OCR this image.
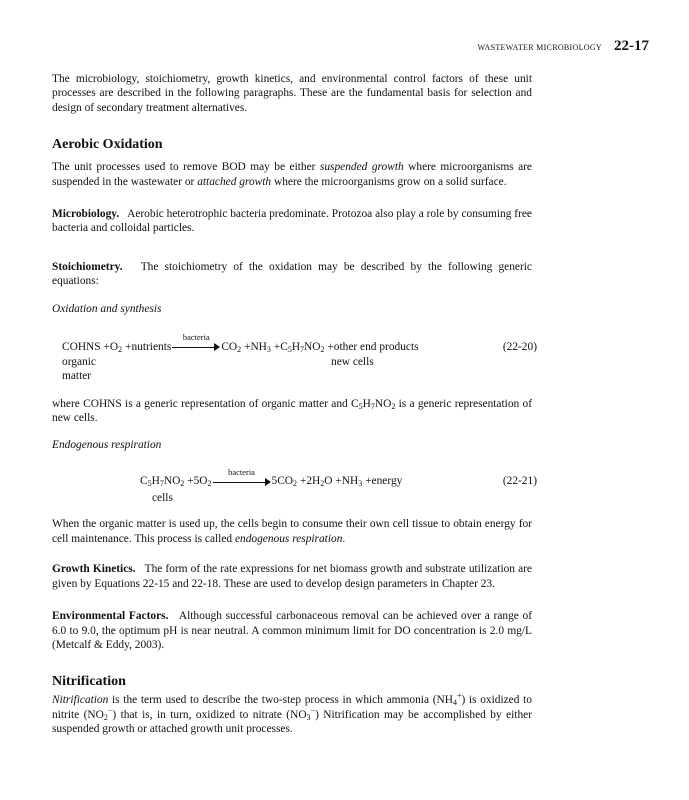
WASTEWATER MICROBIOLOGY 22-17

The microbiology, stoichiometry, growth kinetics, and environmental control factors of these unit processes are described in the following paragraphs. These are the fundamental basis for selection and design of secondary treatment alternatives.

Aerobic Oxidation

The unit processes used to remove BOD may be either suspended growth where microorganisms are suspended in the wastewater or attached growth where the microorganisms grow on a solid surface.

Microbiology. Aerobic heterotrophic bacteria predominate. Protozoa also play a role by consuming free bacteria and colloidal particles.

Stoichiometry. The stoichiometry of the oxidation may be described by the following generic equations:

Oxidation and synthesis
COHNS $+O_2$ +nutrients
bacteria
$CO_2 +NH_3 +C_5H_7NO_2$ +other end products	(22-20)
organic
matter
new cells

where COHNS is a generic representation of organic matter and $C_5H_7NO_2$ is a generic representation of new cells.

Endogenous respiration
$C_5H_7NO_2 +5O_2$
bacteria
$5CO_2 +2H_2O +NH_3$ +energy	(22-21)
cells

When the organic matter is used up, the cells begin to consume their own cell tissue to obtain energy for cell maintenance. This process is called endogenous respiration.

Growth Kinetics. The form of the rate expressions for net biomass growth and substrate utilization are given by Equations 22-15 and 22-18. These are used to develop design parameters in Chapter 23.

Environmental Factors. Although successful carbonaceous removal can be achieved over a range of 6.0 to 9.0, the optimum pH is near neutral. A common minimum limit for DO concentration is 2.0 mg/L (Metcalf & Eddy, 2003).

Nitrification

Nitrification is the term used to describe the two-step process in which ammonia $(NH_4^+)$ is oxidized to nitrite $(NO_2^-)$ that is, in turn, oxidized to nitrate $(NO_3^-)$ Nitrification may be accomplished by either suspended growth or attached growth unit processes.
